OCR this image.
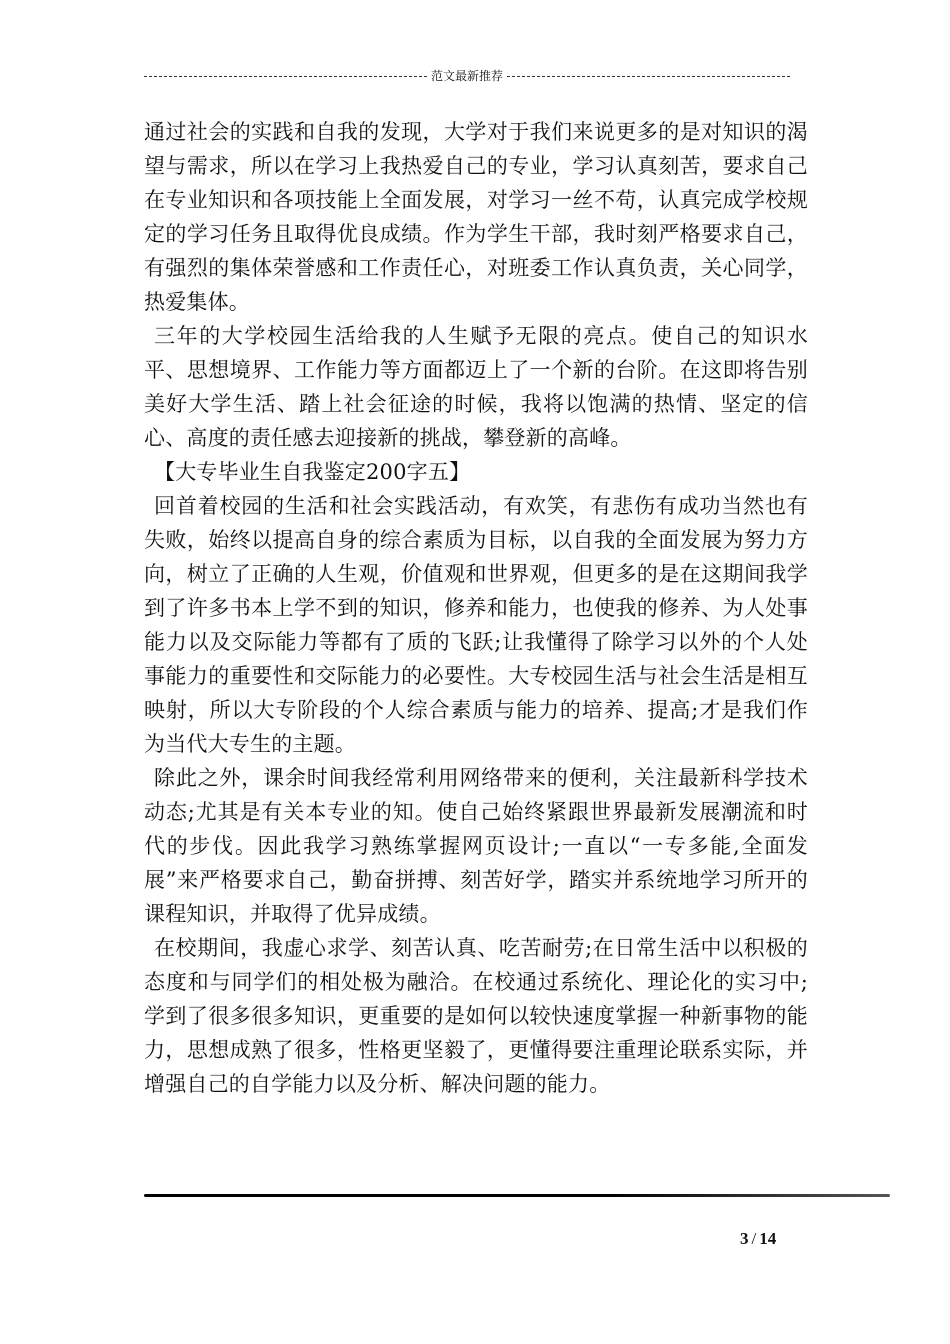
范文最新推荐

通过社会的实践和自我的发现，大学对于我们来说更多的是对知识的渴望与需求，所以在学习上我热爱自己的专业，学习认真刻苦，要求自己在专业知识和各项技能上全面发展，对学习一丝不苟，认真完成学校规定的学习任务且取得优良成绩。作为学生干部，我时刻严格要求自己，有强烈的集体荣誉感和工作责任心，对班委工作认真负责，关心同学，热爱集体。

三年的大学校园生活给我的人生赋予无限的亮点。使自己的知识水平、思想境界、工作能力等方面都迈上了一个新的台阶。在这即将告别美好大学生活、踏上社会征途的时候，我将以饱满的热情、坚定的信心、高度的责任感去迎接新的挑战，攀登新的高峰。

【大专毕业生自我鉴定200字五】

回首着校园的生活和社会实践活动，有欢笑，有悲伤有成功当然也有失败，始终以提高自身的综合素质为目标，以自我的全面发展为努力方向，树立了正确的人生观，价值观和世界观，但更多的是在这期间我学到了许多书本上学不到的知识，修养和能力，也使我的修养、为人处事能力以及交际能力等都有了质的飞跃;让我懂得了除学习以外的个人处事能力的重要性和交际能力的必要性。大专校园生活与社会生活是相互映射，所以大专阶段的个人综合素质与能力的培养、提高;才是我们作为当代大专生的主题。

除此之外，课余时间我经常利用网络带来的便利，关注最新科学技术动态;尤其是有关本专业的知。使自己始终紧跟世界最新发展潮流和时代的步伐。因此我学习熟练掌握网页设计;一直以“一专多能,全面发展”来严格要求自己，勤奋拼搏、刻苦好学，踏实并系统地学习所开的课程知识，并取得了优异成绩。

在校期间，我虚心求学、刻苦认真、吃苦耐劳;在日常生活中以积极的态度和与同学们的相处极为融洽。在校通过系统化、理论化的实习中;学到了很多很多知识，更重要的是如何以较快速度掌握一种新事物的能力，思想成熟了很多，性格更坚毅了，更懂得要注重理论联系实际，并增强自己的自学能力以及分析、解决问题的能力。

3 / 14
